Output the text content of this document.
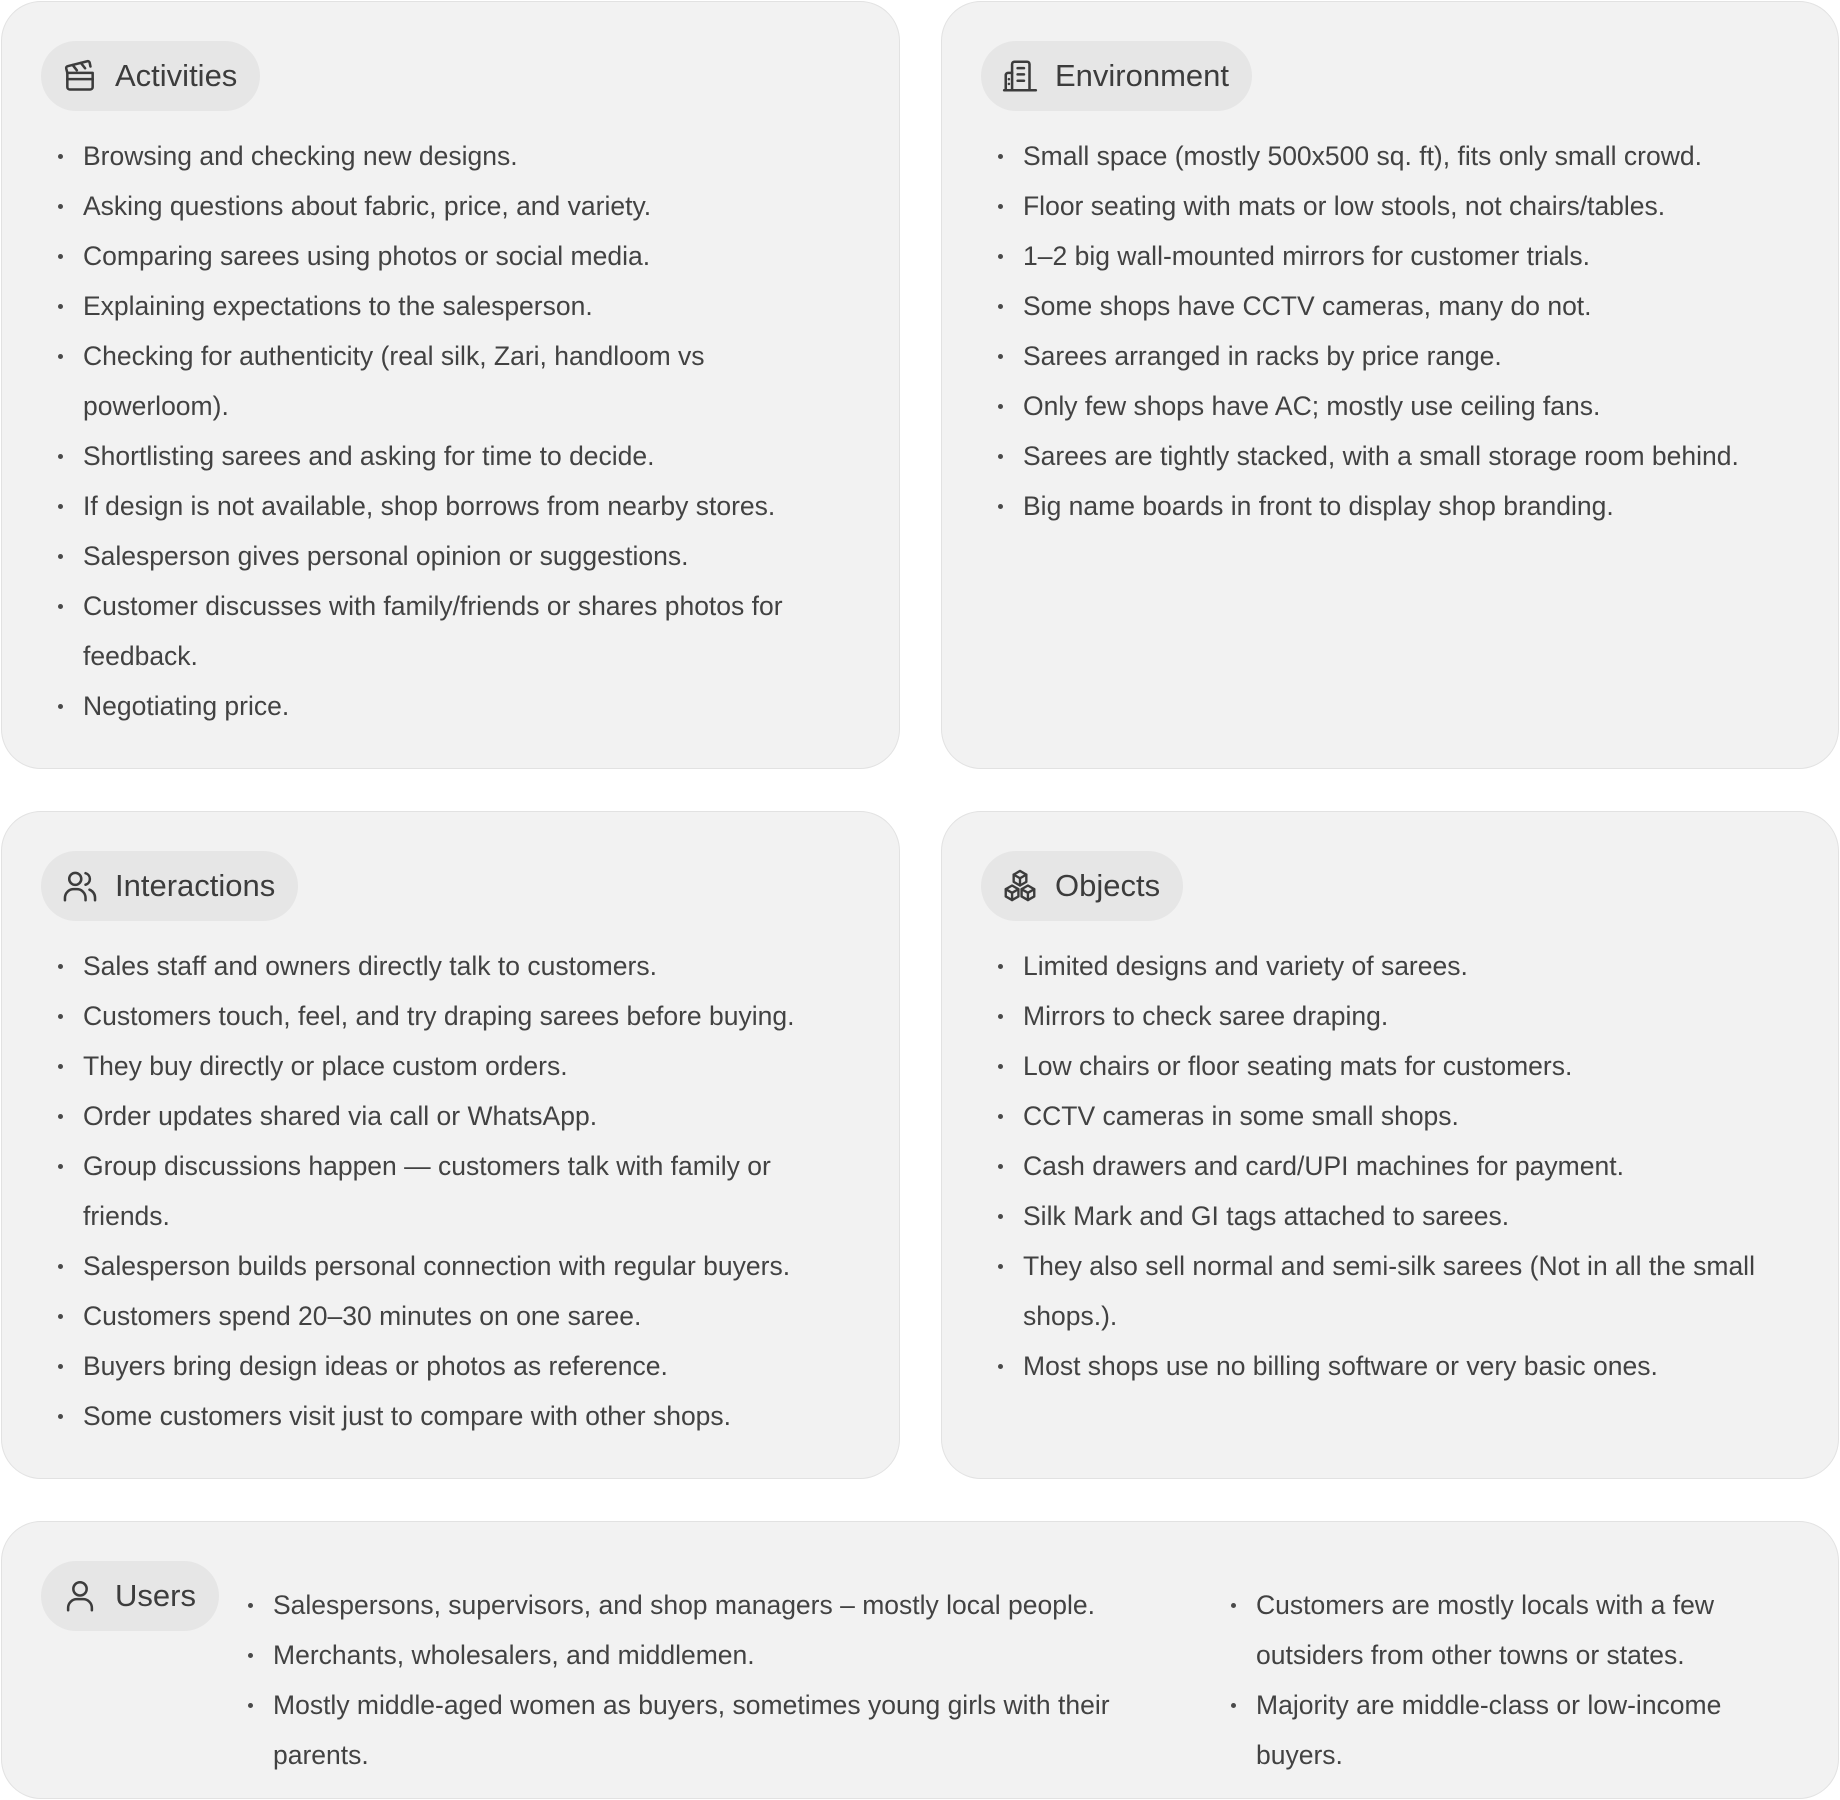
Activities
Browsing and checking new designs.
Asking questions about fabric, price, and variety.
Comparing sarees using photos or social media.
Explaining expectations to the salesperson.
Checking for authenticity (real silk, Zari, handloom vs powerloom).
Shortlisting sarees and asking for time to decide.
If design is not available, shop borrows from nearby stores.
Salesperson gives personal opinion or suggestions.
Customer discusses with family/friends or shares photos for feedback.
Negotiating price.
Environment
Small space (mostly 500x500 sq. ft), fits only small crowd.
Floor seating with mats or low stools, not chairs/tables.
1–2 big wall-mounted mirrors for customer trials.
Some shops have CCTV cameras, many do not.
Sarees arranged in racks by price range.
Only few shops have AC; mostly use ceiling fans.
Sarees are tightly stacked, with a small storage room behind.
Big name boards in front to display shop branding.
Interactions
Sales staff and owners directly talk to customers.
Customers touch, feel, and try draping sarees before buying.
They buy directly or place custom orders.
Order updates shared via call or WhatsApp.
Group discussions happen — customers talk with family or friends.
Salesperson builds personal connection with regular buyers.
Customers spend 20–30 minutes on one saree.
Buyers bring design ideas or photos as reference.
Some customers visit just to compare with other shops.
Objects
Limited designs and variety of sarees.
Mirrors to check saree draping.
Low chairs or floor seating mats for customers.
CCTV cameras in some small shops.
Cash drawers and card/UPI machines for payment.
Silk Mark and GI tags attached to sarees.
They also sell normal and semi-silk sarees (Not in all the small shops.).
Most shops use no billing software or very basic ones.
Users	Salespersons, supervisors, and shop managers – mostly local people.
Merchants, wholesalers, and middlemen.
Mostly middle-aged women as buyers, sometimes young girls with their parents.
Customers are mostly locals with a few outsiders from other towns or states.
Majority are middle-class or low-income buyers.
